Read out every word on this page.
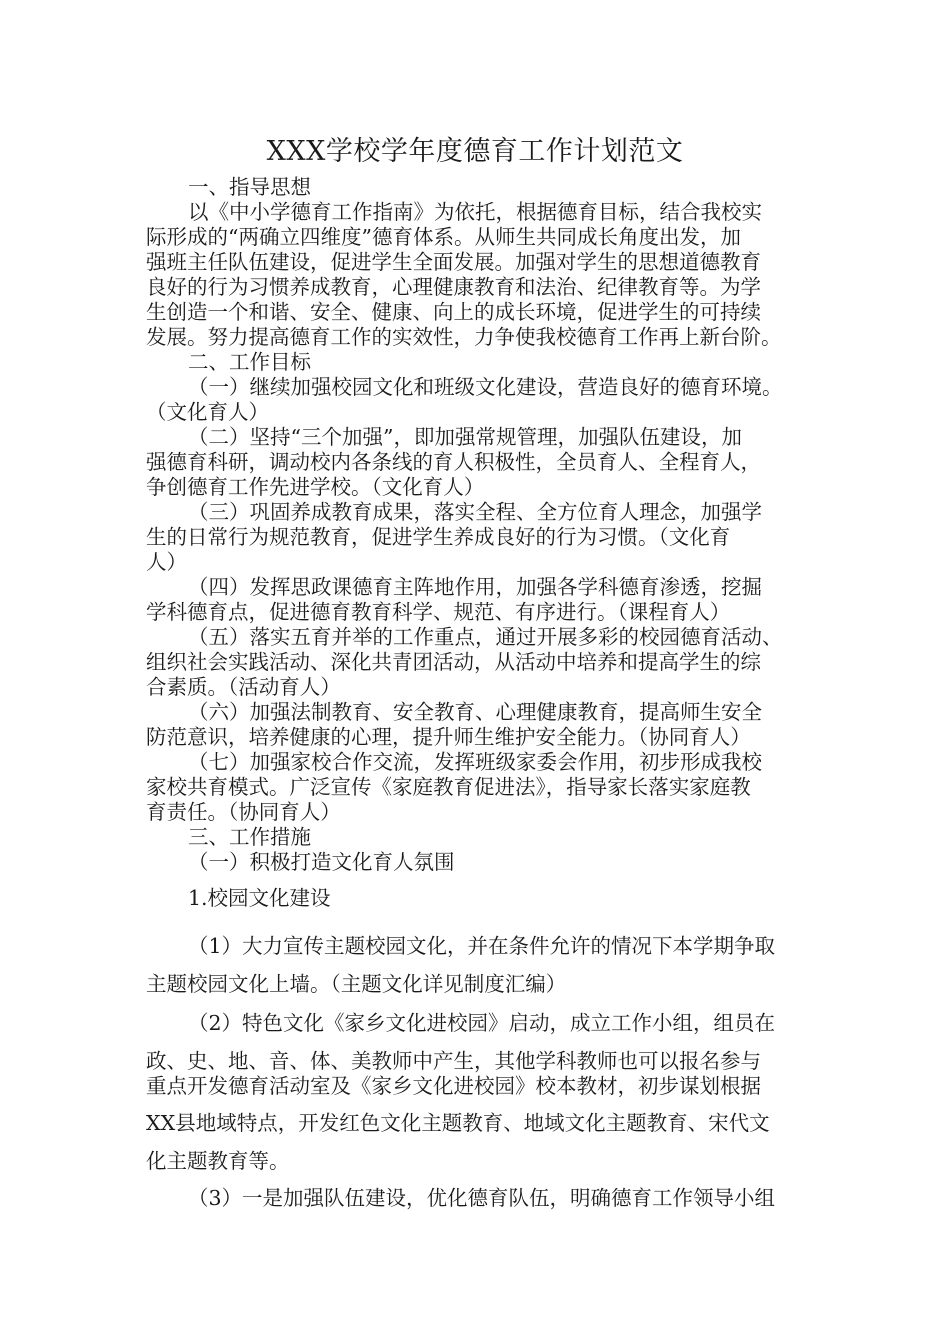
XXX学校学年度德育工作计划范文
一、指导思想
以《中小学德育工作指南》为依托，根据德育目标，结合我校实
际形成的“两确立四维度”德育体系。从师生共同成长角度出发，加
强班主任队伍建设，促进学生全面发展。加强对学生的思想道德教育
良好的行为习惯养成教育，心理健康教育和法治、纪律教育等。为学
生创造一个和谐、安全、健康、向上的成长环境，促进学生的可持续
发展。努力提高德育工作的实效性，力争使我校德育工作再上新台阶。
二、工作目标
（一）继续加强校园文化和班级文化建设，营造良好的德育环境。
（文化育人）
（二）坚持“三个加强”，即加强常规管理，加强队伍建设，加
强德育科研，调动校内各条线的育人积极性，全员育人、全程育人，
争创德育工作先进学校。（文化育人）
（三）巩固养成教育成果，落实全程、全方位育人理念，加强学
生的日常行为规范教育，促进学生养成良好的行为习惯。（文化育
人）
（四）发挥思政课德育主阵地作用，加强各学科德育渗透，挖掘
学科德育点，促进德育教育科学、规范、有序进行。（课程育人）
（五）落实五育并举的工作重点，通过开展多彩的校园德育活动、
组织社会实践活动、深化共青团活动，从活动中培养和提高学生的综
合素质。（活动育人）
（六）加强法制教育、安全教育、心理健康教育，提高师生安全
防范意识，培养健康的心理，提升师生维护安全能力。（协同育人）
（七）加强家校合作交流，发挥班级家委会作用，初步形成我校
家校共育模式。广泛宣传《家庭教育促进法》，指导家长落实家庭教
育责任。（协同育人）
三、工作措施
（一）积极打造文化育人氛围
1.校园文化建设
（1）大力宣传主题校园文化，并在条件允许的情况下本学期争取
主题校园文化上墙。（主题文化详见制度汇编）
（2）特色文化《家乡文化进校园》启动，成立工作小组，组员在
政、史、地、音、体、美教师中产生，其他学科教师也可以报名参与
重点开发德育活动室及《家乡文化进校园》校本教材，初步谋划根据
XX县地域特点，开发红色文化主题教育、地域文化主题教育、宋代文
化主题教育等。
（3）一是加强队伍建设，优化德育队伍，明确德育工作领导小组
